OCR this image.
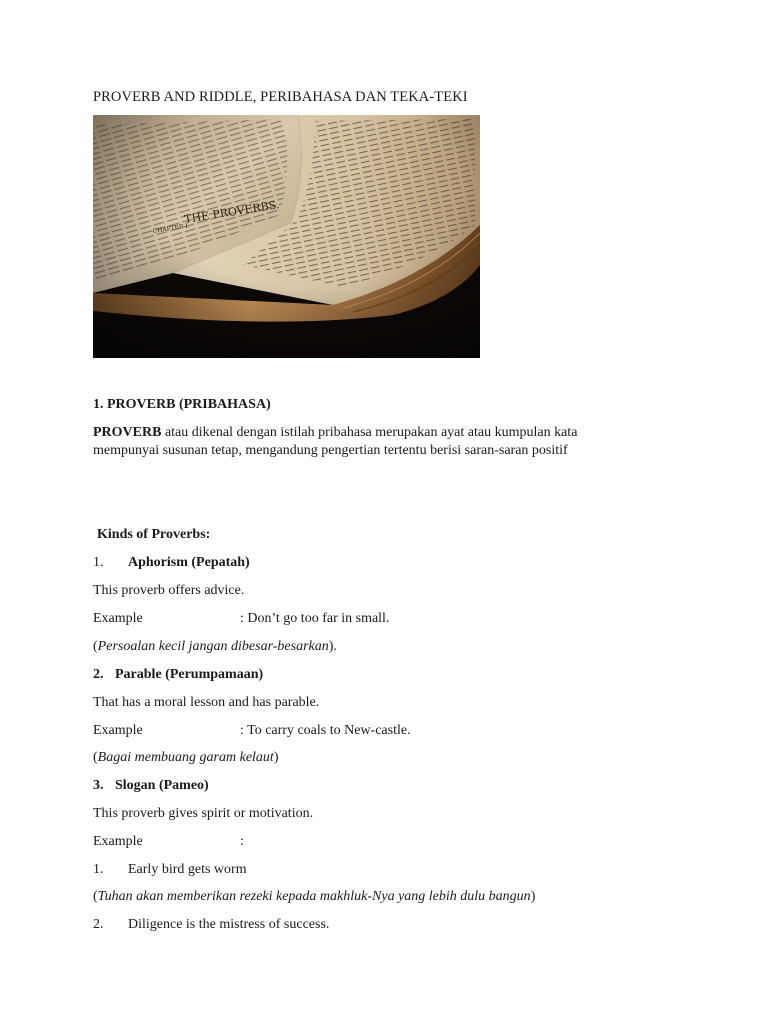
PROVERB AND RIDDLE, PERIBAHASA DAN TEKA-TEKI
1. PROVERB (PRIBAHASA)
PROVERB atau dikenal dengan istilah pribahasa merupakan ayat atau kumpulan kata
mempunyai susunan tetap, mengandung pengertian tertentu berisi saran-saran positif
Kinds of Proverbs:
1. Aphorism (Pepatah)
This proverb offers advice.
Example	: Don’t go too far in small.
(Persoalan kecil jangan dibesar-besarkan).
2. Parable (Perumpamaan)
That has a moral lesson and has parable.
Example	: To carry coals to New-castle.
(Bagai membuang garam kelaut)
3. Slogan (Pameo)
This proverb gives spirit or motivation.
Example	:
1. Early bird gets worm
(Tuhan akan memberikan rezeki kepada makhluk-Nya yang lebih dulu bangun)
2. Diligence is the mistress of success.
